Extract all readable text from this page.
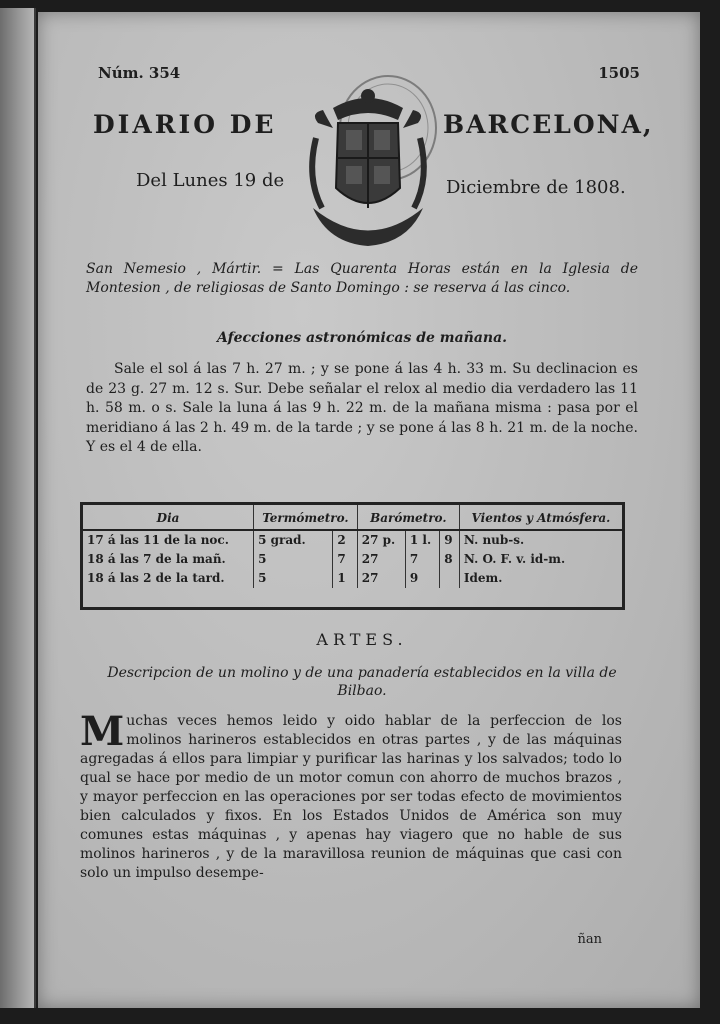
Núm. 354	1505
DIARIO DE	BARCELONA,
Del Lunes 19 de	Diciembre de 1808.
San Nemesio , Mártir. = Las Quarenta Horas están en la Iglesia de Montesion , de religiosas de Santo Domingo : se reserva á las cinco.
Afecciones astronómicas de mañana.
Sale el sol á las 7 h. 27 m. ; y se pone á las 4 h. 33 m. Su declinacion es de 23 g. 27 m. 12 s. Sur. Debe señalar el relox al medio dia verdadero las 11 h. 58 m. o s. Sale la luna á las 9 h. 22 m. de la mañana misma : pasa por el meridiano á las 2 h. 49 m. de la tarde ; y se pone á las 8 h. 21 m. de la noche. Y es el 4 de ella.
Dia	Termómetro.		Barómetro.			Vientos y Atmósfera.
17 á las 11 de la noc.	5 grad.	2	27 p.	1 l.	9	N. nub-s.
18 á las 7 de la mañ.	5	7	27	7	8	N. O. F. v. id-m.
18 á las 2 de la tard.	5	1	27	9		Idem.
ARTES.
Descripcion de un molino y de una panadería establecidos en la villa de Bilbao.
Muchas veces hemos leido y oido hablar de la perfeccion de los molinos harineros establecidos en otras partes , y de las máquinas agregadas á ellos para limpiar y purificar las harinas y los salvados; todo lo qual se hace por medio de un motor comun con ahorro de muchos brazos , y mayor perfeccion en las operaciones por ser todas efecto de movimientos bien calculados y fixos. En los Estados Unidos de América son muy comunes estas máquinas , y apenas hay viagero que no hable de sus molinos harineros , y de la maravillosa reunion de máquinas que casi con solo un impulso desempe-
ñan
